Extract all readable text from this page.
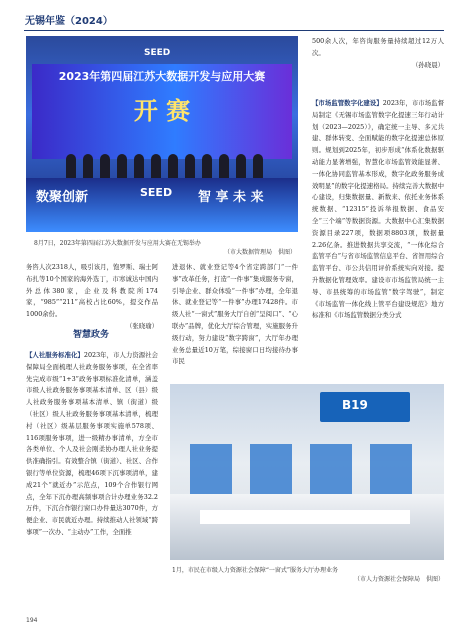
无锡年鉴（2024）
SEED
2023年第四届江苏大数据开发与应用大赛
开 赛
数聚创新	SEED 智 享 未 来
8月7日，2023年第四届江苏大数据开发与应用大赛在无锡举办
（市大数据管理局　供图）

务咨人次2318人，吸引该月，饱罗斯、瑞士阿布扎等10个国家的海外选丁，市寒诚达中国内外总体380家，企业及科教院所174家，“985”“211”高校占比60%，提交作品1000余份。

（张晓瑜）
智慧政务

【人社服务标准化】2023年，市人力资源社会保障局全面梳理人社政务服务事项，在全省率先完成市级“1+3”政务事项标准化清单，涵盖市级人社政务服务事项基本清单、区（县）级人社政务服务事项基本清单、镇（街道）级（社区）级人社政务服务事项基本清单，梳理村（社区）级基层服务事项实施单578项、116项服务事项，进一级精办事清单，方全市各类单位、个人及社会刚柔协办理人社业务提供准确指引。有效整合镇（街道）、社区、合作银行等单位资源，梳理46项下沉事项清单，建成21个“就近办”示范点，109个合作银行网点，全年下沉办理高频事项合计办理业务32.2万件，下沉合作银行窗口办件量达3070件，方便企业、市民就近办理。持续推动人社领域“跨事项”一次办、“主动办”工作，全面推

进退休、就业登记等4个省定跨部门“一件事”改革任务，打造“一件事”集成服务专窗，引导企业、群众体验“一件事”办理，全年退休、就业登记等“一件事”办理17428件。市级人社“一窗式”服务大厅自创“呈阅口”、“心联办”品牌，优化大厅综合管理，实施服务升级行动，努力建设“数字跨窗”，大厅年办理业务总量近10万笔，综接窗口日均接待办事市民

500余人次，年咨询服务量持续超过12万人次。

（孙晓晨）

【市场监管数字化建设】2023年，市市场监督局制定《无锡市场监管数字化提速三年行动计划（2023—2025）》，确定统一主导、多元共建、群体转变、全面赋能的数字化提速总体原则。规划到2025年，初步形成“体系化数据驱动能力显著增强，智慧化市场监管效能显著、一体化协同监管基本形成，数字化政务服务成效明显”的数字化提速格局。持续完善大数据中心建设，归集数据量、新数来、依托业务体系统数据、“12315”投诉举报数据、食品安全“三个端”等数据资源。大数据中心汇集数据资源目录227项，数据项8803项，数据量2.26亿条。推进数据共享交流，“一体化综合监管平台”与省市场监管信息平台、省智用综合监管平台、市公共信用评价系统实向对接。提升数据化管理效率。建设市市场监管局统一主导、市县统筹的市场监管“数字驾驶”，制定《市场监管一体化线上管平台建设规范》地方标准和《市场监管数据分类分式

B19
1月，市民在市级人力资源社会保障“一窗式”服务大厅办理业务
（市人力资源社会保障局　供图）
194
